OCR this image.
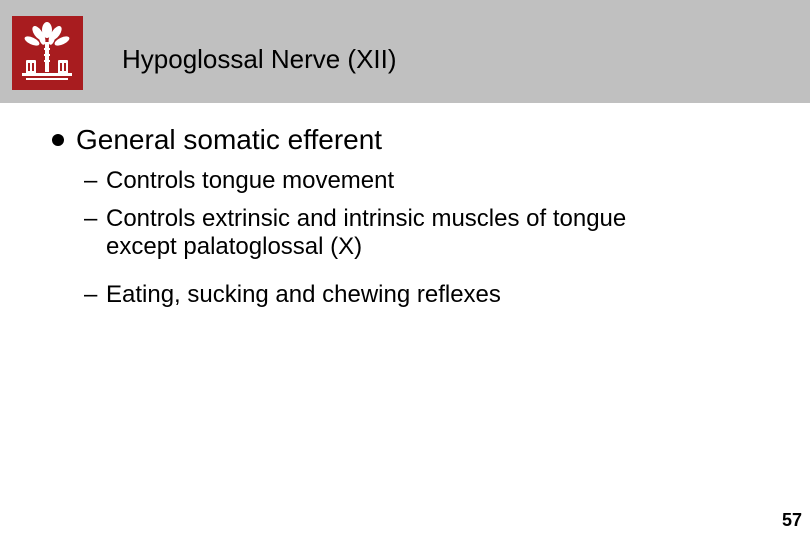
Hypoglossal Nerve (XII)
General somatic efferent
– Controls tongue movement
– Controls extrinsic and intrinsic muscles of tongue
except palatoglossal (X)
– Eating, sucking and chewing reflexes
57
